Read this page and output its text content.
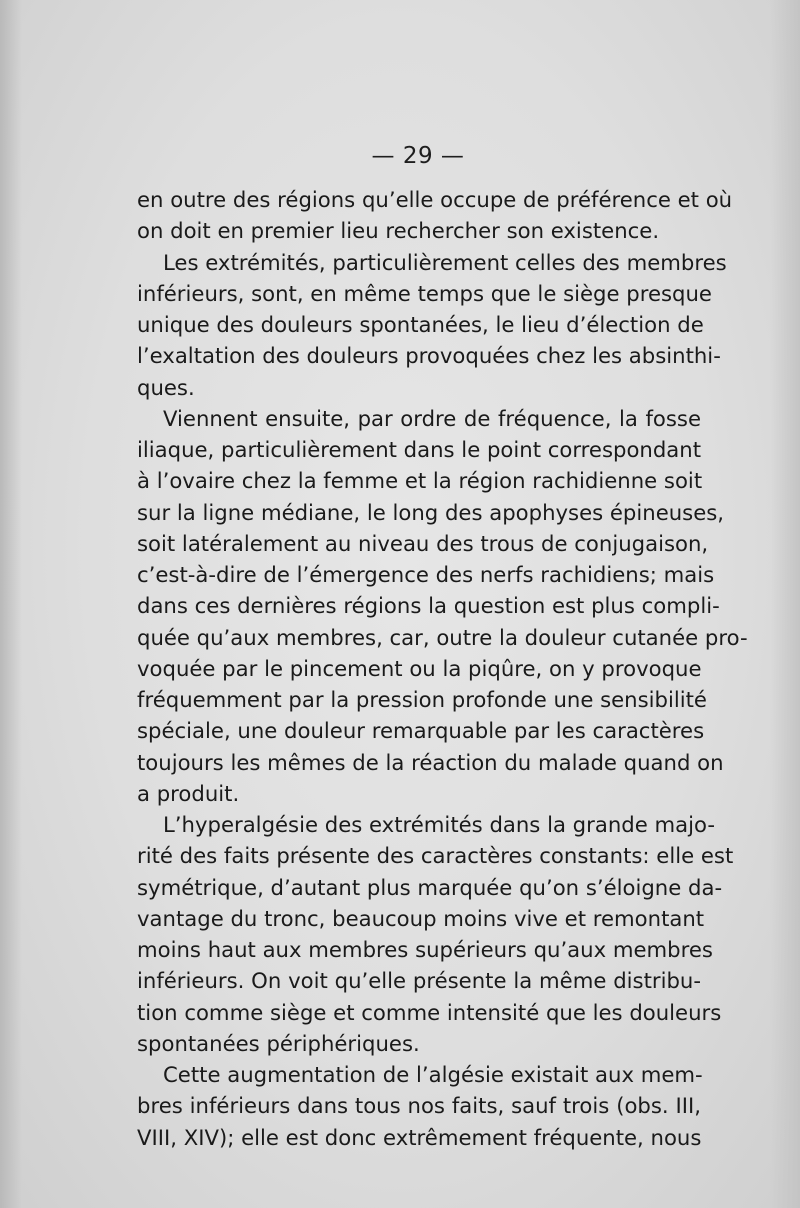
— 29 —
en outre des régions qu’elle occupe de préférence et où
on doit en premier lieu rechercher son existence.
Les extrémités, particulièrement celles des membres
inférieurs, sont, en même temps que le siège presque
unique des douleurs spontanées, le lieu d’élection de
l’exaltation des douleurs provoquées chez les absinthi-
ques.
Viennent ensuite, par ordre de fréquence, la fosse
iliaque, particulièrement dans le point correspondant
à l’ovaire chez la femme et la région rachidienne soit
sur la ligne médiane, le long des apophyses épineuses,
soit latéralement au niveau des trous de conjugaison,
c’est-à-dire de l’émergence des nerfs rachidiens; mais
dans ces dernières régions la question est plus compli-
quée qu’aux membres, car, outre la douleur cutanée pro-
voquée par le pincement ou la piqûre, on y provoque
fréquemment par la pression profonde une sensibilité
spéciale, une douleur remarquable par les caractères
toujours les mêmes de la réaction du malade quand on
a produit.
L’hyperalgésie des extrémités dans la grande majo-
rité des faits présente des caractères constants: elle est
symétrique, d’autant plus marquée qu’on s’éloigne da-
vantage du tronc, beaucoup moins vive et remontant
moins haut aux membres supérieurs qu’aux membres
inférieurs. On voit qu’elle présente la même distribu-
tion comme siège et comme intensité que les douleurs
spontanées périphériques.
Cette augmentation de l’algésie existait aux mem-
bres inférieurs dans tous nos faits, sauf trois (obs. III,
VIII, XIV); elle est donc extrêmement fréquente, nous
